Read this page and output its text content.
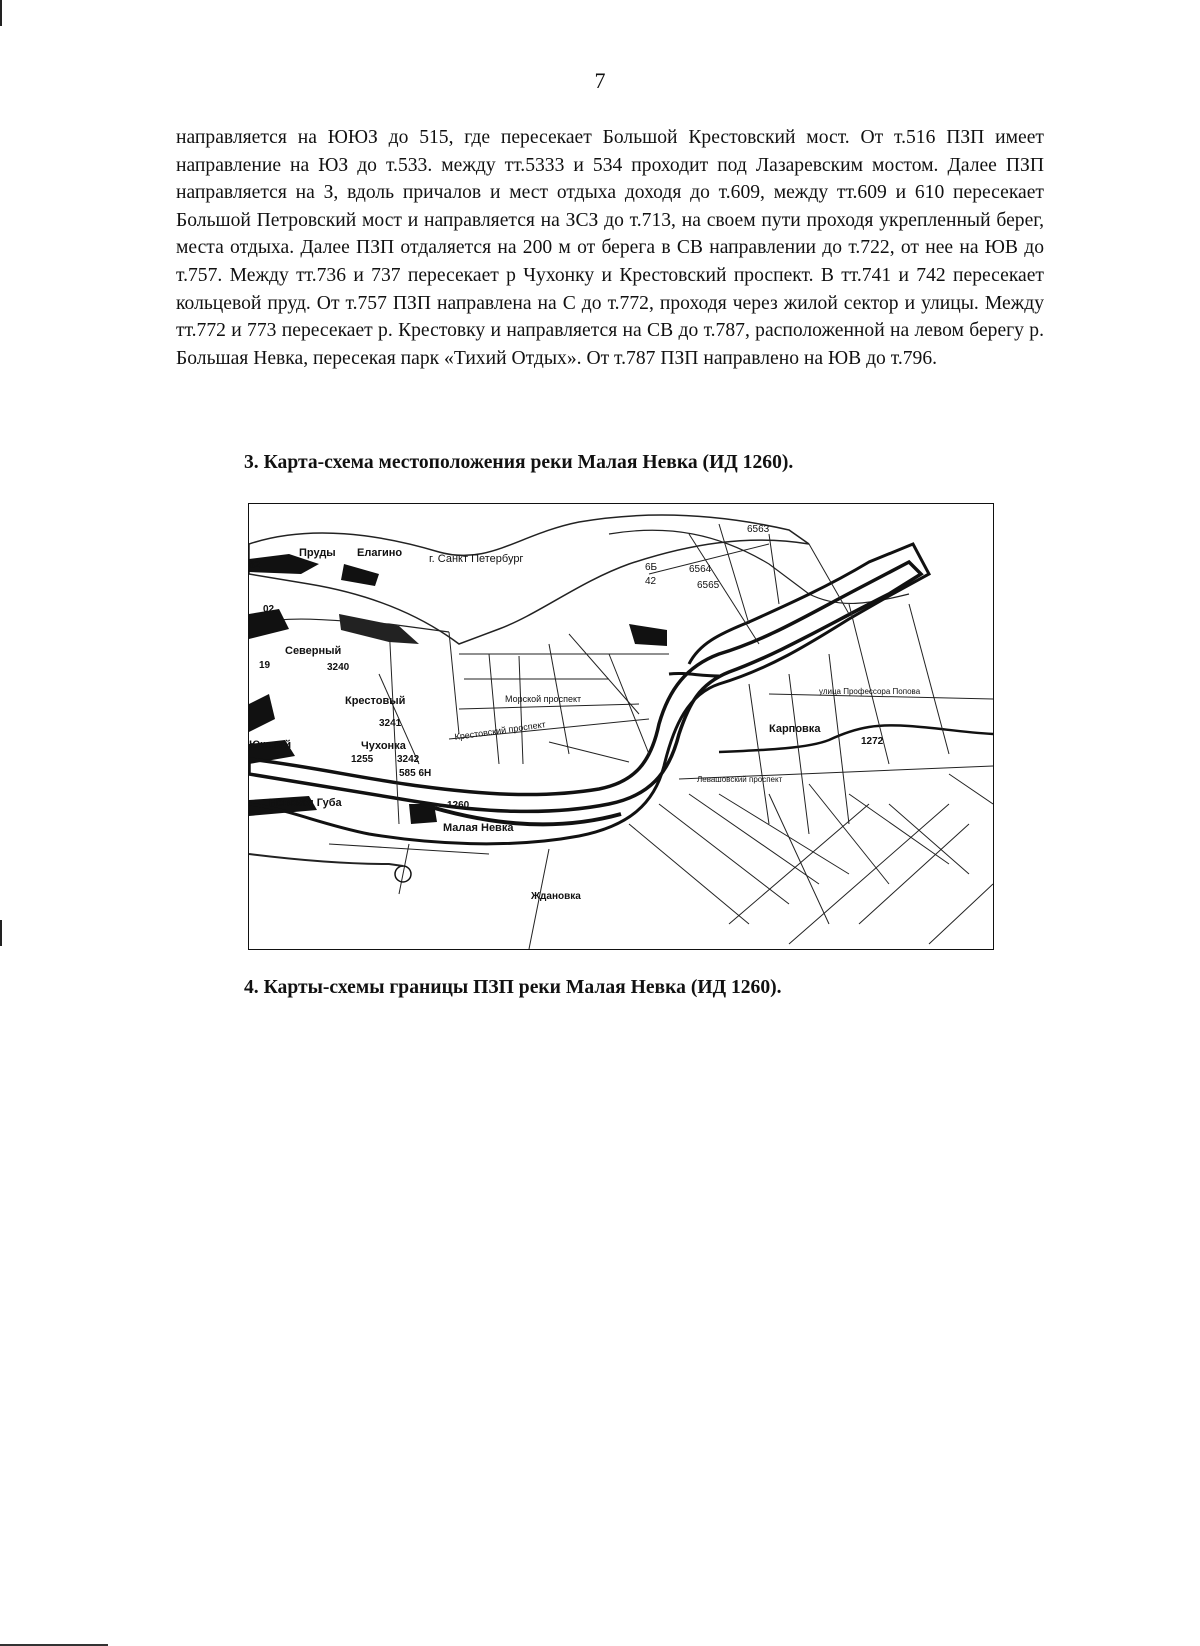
7

направляется на ЮЮЗ до 515, где пересекает Большой Крестовский мост. От т.516 ПЗП имеет направление на ЮЗ до т.533. между тт.5333 и 534 проходит под Лазаревским мостом. Далее ПЗП направляется на З, вдоль причалов и мест отдыха доходя до т.609, между тт.609 и 610 пересекает Большой Петровский мост и направляется на ЗСЗ до т.713, на своем пути проходя укрепленный берег, места отдыха. Далее ПЗП отдаляется на 200 м от берега в СВ направлении до т.722, от нее на ЮВ до т.757. Между тт.736 и 737 пересекает р Чухонку и Крестовский проспект. В тт.741 и 742 пересекает кольцевой пруд. От т.757 ПЗП направлена на С до т.772, проходя через жилой сектор и улицы. Между тт.772 и 773 пересекает р. Крестовку и направляется на СВ до т.787, расположенной на левом берегу р. Большая Невка, пересекая парк «Тихий Отдых». От т.787 ПЗП направлено на ЮВ до т.796.

3. Карта-схема местоположения реки Малая Невка (ИД 1260).

Пруды Елагино г. Санкт Петербург
Северный
Крестовый
Чухонка
Южный
Невская Губа
Малая Невка
Карповка
Ждановка
Крестовский проспект
Морской проспект
Левашовский проспект
улица Профессора Попова
1260
3240
3241
3242
1255
1272
6563
6564
6565
19
82
02
42
6Б
585 6Н

4. Карты-схемы границы ПЗП реки Малая Невка (ИД 1260).
